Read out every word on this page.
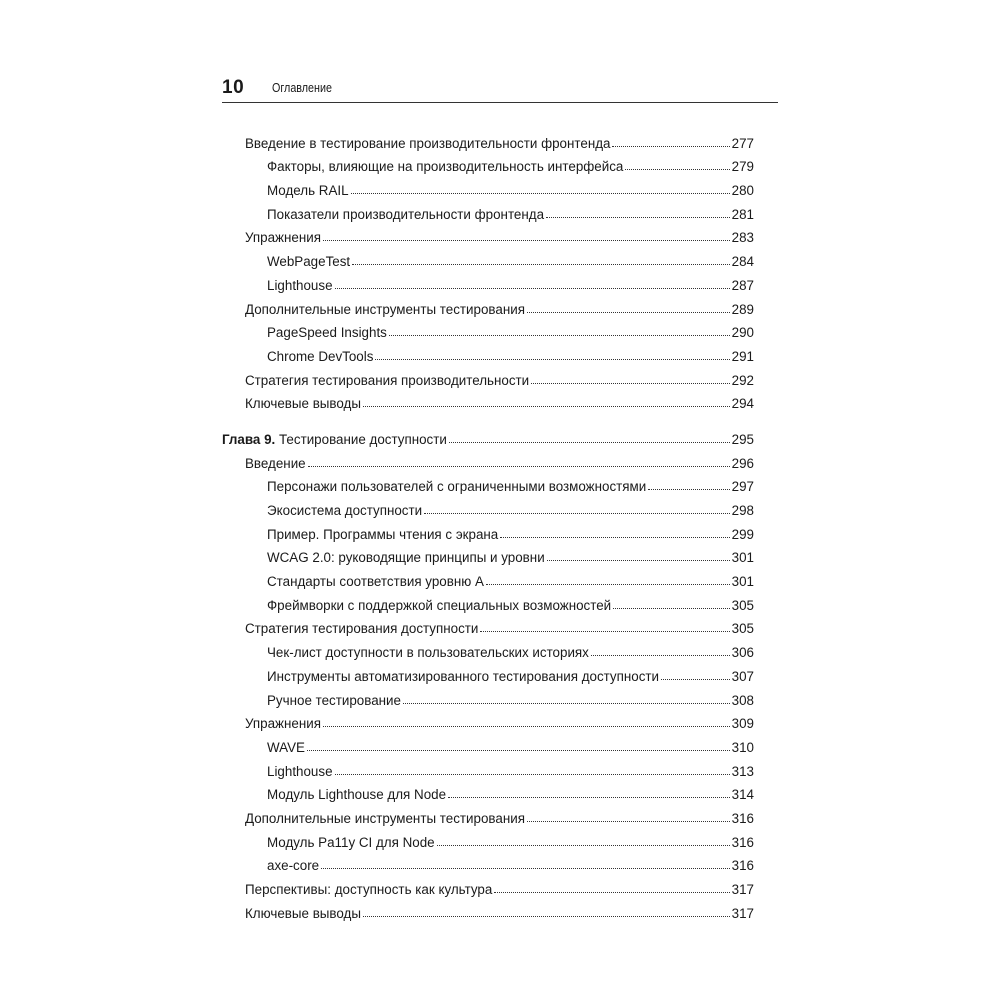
10 Оглавление
Введение в тестирование производительности фронтенда	277
Факторы, влияющие на производительность интерфейса	279
Модель RAIL	280
Показатели производительности фронтенда	281
Упражнения	283
WebPageTest	284
Lighthouse	287
Дополнительные инструменты тестирования	289
PageSpeed Insights	290
Chrome DevTools	291
Стратегия тестирования производительности	292
Ключевые выводы	294
Глава 9. Тестирование доступности	295
Введение	296
Персонажи пользователей с ограниченными возможностями	297
Экосистема доступности	298
Пример. Программы чтения с экрана	299
WCAG 2.0: руководящие принципы и уровни	301
Стандарты соответствия уровню A	301
Фреймворки с поддержкой специальных возможностей	305
Стратегия тестирования доступности	305
Чек-лист доступности в пользовательских историях	306
Инструменты автоматизированного тестирования доступности	307
Ручное тестирование	308
Упражнения	309
WAVE	310
Lighthouse	313
Модуль Lighthouse для Node	314
Дополнительные инструменты тестирования	316
Модуль Pa11y CI для Node	316
axe-core	316
Перспективы: доступность как культура	317
Ключевые выводы	317
